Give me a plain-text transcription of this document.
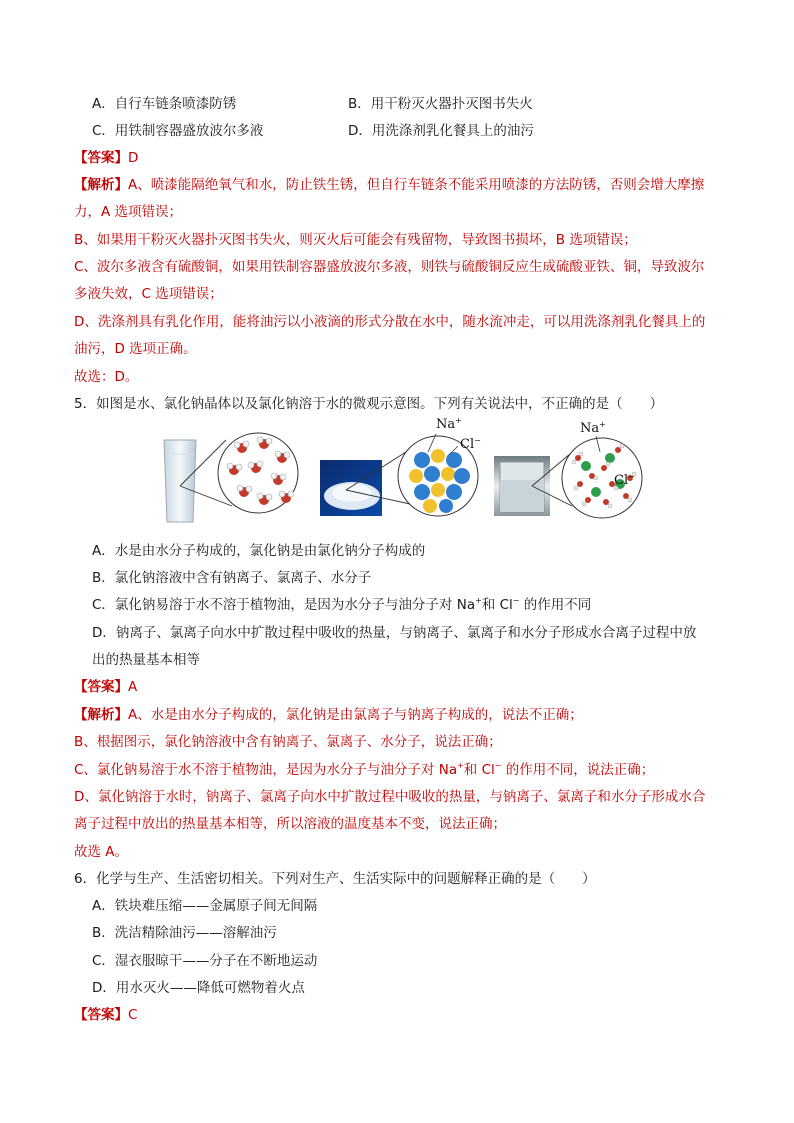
A．自行车链条喷漆防锈	B．用干粉灭火器扑灭图书失火
C．用铁制容器盛放波尔多液	D．用洗涤剂乳化餐具上的油污
【答案】D
【解析】A、喷漆能隔绝氧气和水，防止铁生锈，但自行车链条不能采用喷漆的方法防锈，否则会增大摩擦
力，A 选项错误；
B、如果用干粉灭火器扑灭图书失火，则灭火后可能会有残留物，导致图书损坏，B 选项错误；
C、波尔多液含有硫酸铜，如果用铁制容器盛放波尔多液，则铁与硫酸铜反应生成硫酸亚铁、铜，导致波尔
多液失效，C 选项错误；
D、洗涤剂具有乳化作用，能将油污以小液滴的形式分散在水中，随水流冲走，可以用洗涤剂乳化餐具上的
油污，D 选项正确。
故选：D。
5．如图是水、氯化钠晶体以及氯化钠溶于水的微观示意图。下列有关说法中，不正确的是（　　）
Na+
Cl−
Na+
Cl−
A．水是由水分子构成的，氯化钠是由氯化钠分子构成的
B．氯化钠溶液中含有钠离子、氯离子、水分子
C．氯化钠易溶于水不溶于植物油，是因为水分子与油分子对 Na+和 Cl− 的作用不同
D．钠离子、氯离子向水中扩散过程中吸收的热量，与钠离子、氯离子和水分子形成水合离子过程中放
出的热量基本相等
【答案】A
【解析】A、水是由水分子构成的，氯化钠是由氯离子与钠离子构成的，说法不正确；
B、根据图示，氯化钠溶液中含有钠离子、氯离子、水分子，说法正确；
C、氯化钠易溶于水不溶于植物油，是因为水分子与油分子对 Na+和 Cl− 的作用不同，说法正确；
D、氯化钠溶于水时，钠离子、氯离子向水中扩散过程中吸收的热量，与钠离子、氯离子和水分子形成水合
离子过程中放出的热量基本相等，所以溶液的温度基本不变，说法正确；
故选 A。
6．化学与生产、生活密切相关。下列对生产、生活实际中的问题解释正确的是（　　）
A．铁块难压缩——金属原子间无间隔
B．洗洁精除油污——溶解油污
C．湿衣服晾干——分子在不断地运动
D．用水灭火——降低可燃物着火点
【答案】C
